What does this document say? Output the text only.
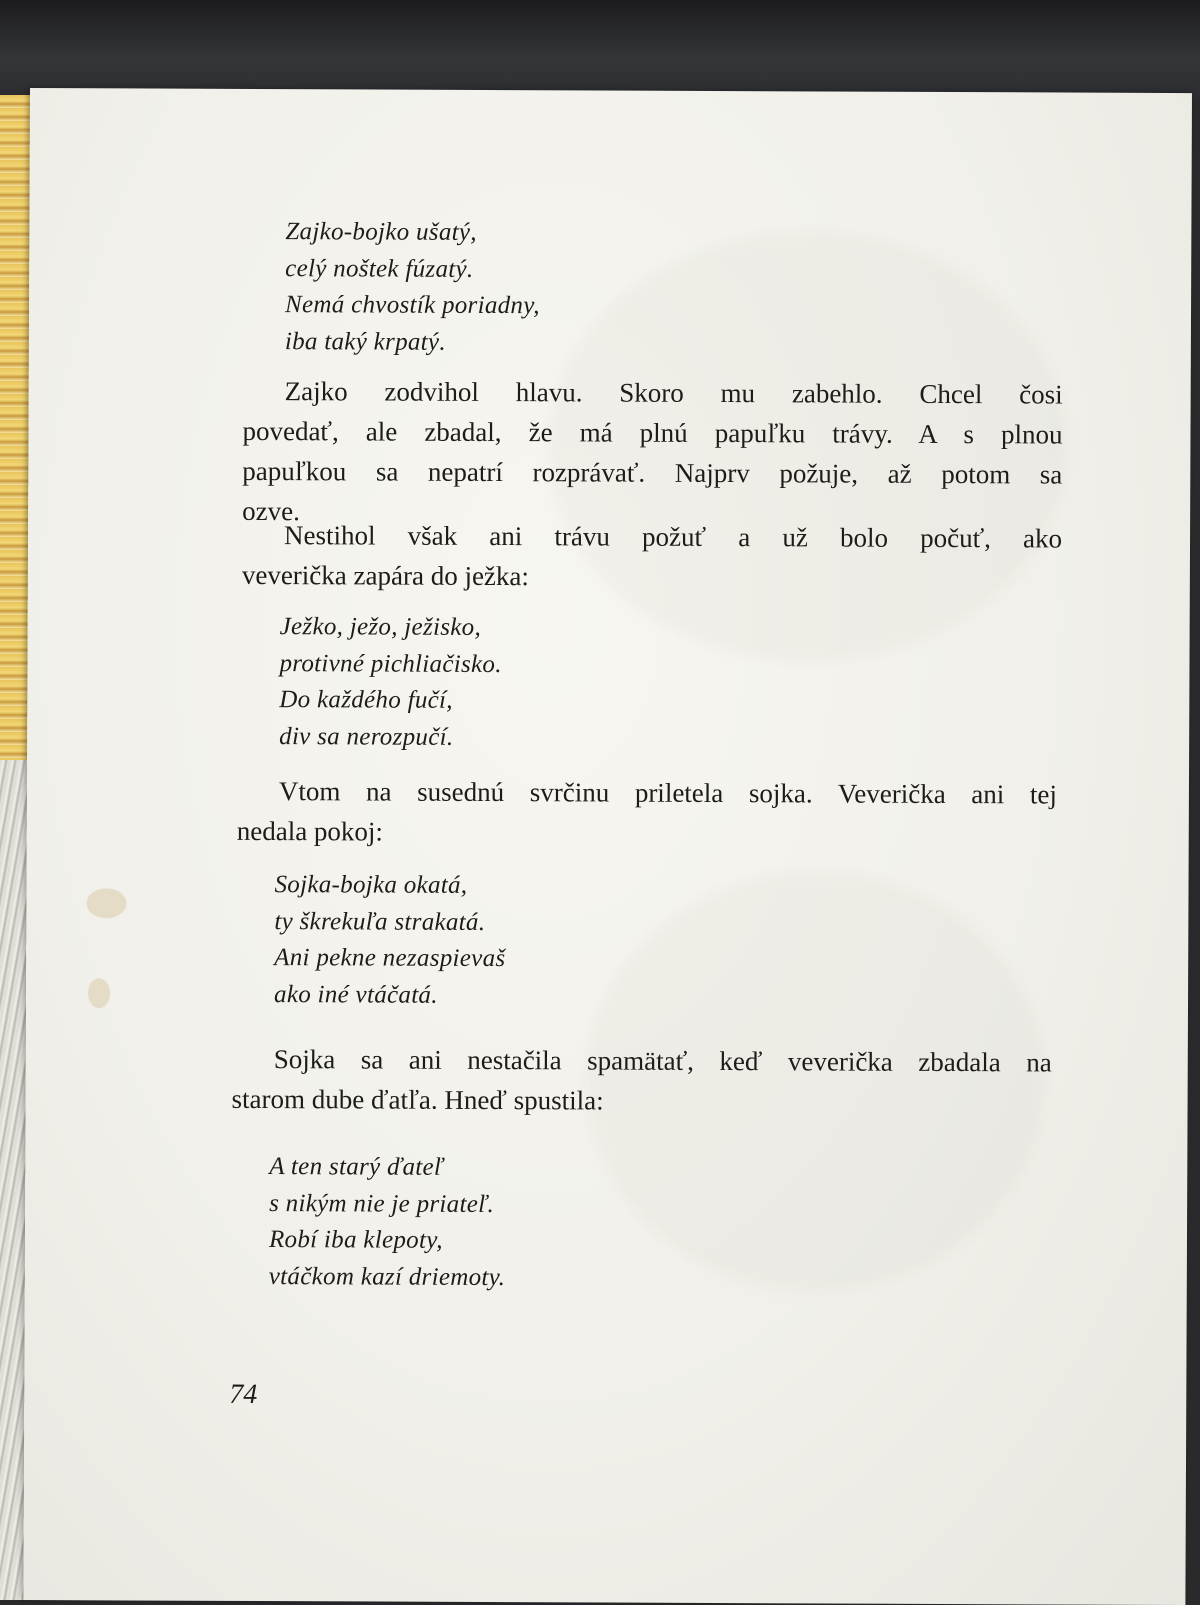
Zajko-bojko ušatý,
celý noštek fúzatý.
Nemá chvostík poriadny,
iba taký krpatý.
Zajko zodvihol hlavu. Skoro mu zabehlo. Chcel čosi
povedať, ale zbadal, že má plnú papuľku trávy. A s plnou
papuľkou sa nepatrí rozprávať. Najprv požuje, až potom sa
ozve.
Nestihol však ani trávu požuť a už bolo počuť, ako
veverička zapára do ježka:
Ježko, ježo, ježisko,
protivné pichliačisko.
Do každého fučí,
div sa nerozpučí.
Vtom na susednú svrčinu priletela sojka. Veverička ani tej
nedala pokoj:
Sojka-bojka okatá,
ty škrekuľa strakatá.
Ani pekne nezaspievaš
ako iné vtáčatá.
Sojka sa ani nestačila spamätať, keď veverička zbadala na
starom dube ďatľa. Hneď spustila:
A ten starý ďateľ
s nikým nie je priateľ.
Robí iba klepoty,
vtáčkom kazí driemoty.
74
